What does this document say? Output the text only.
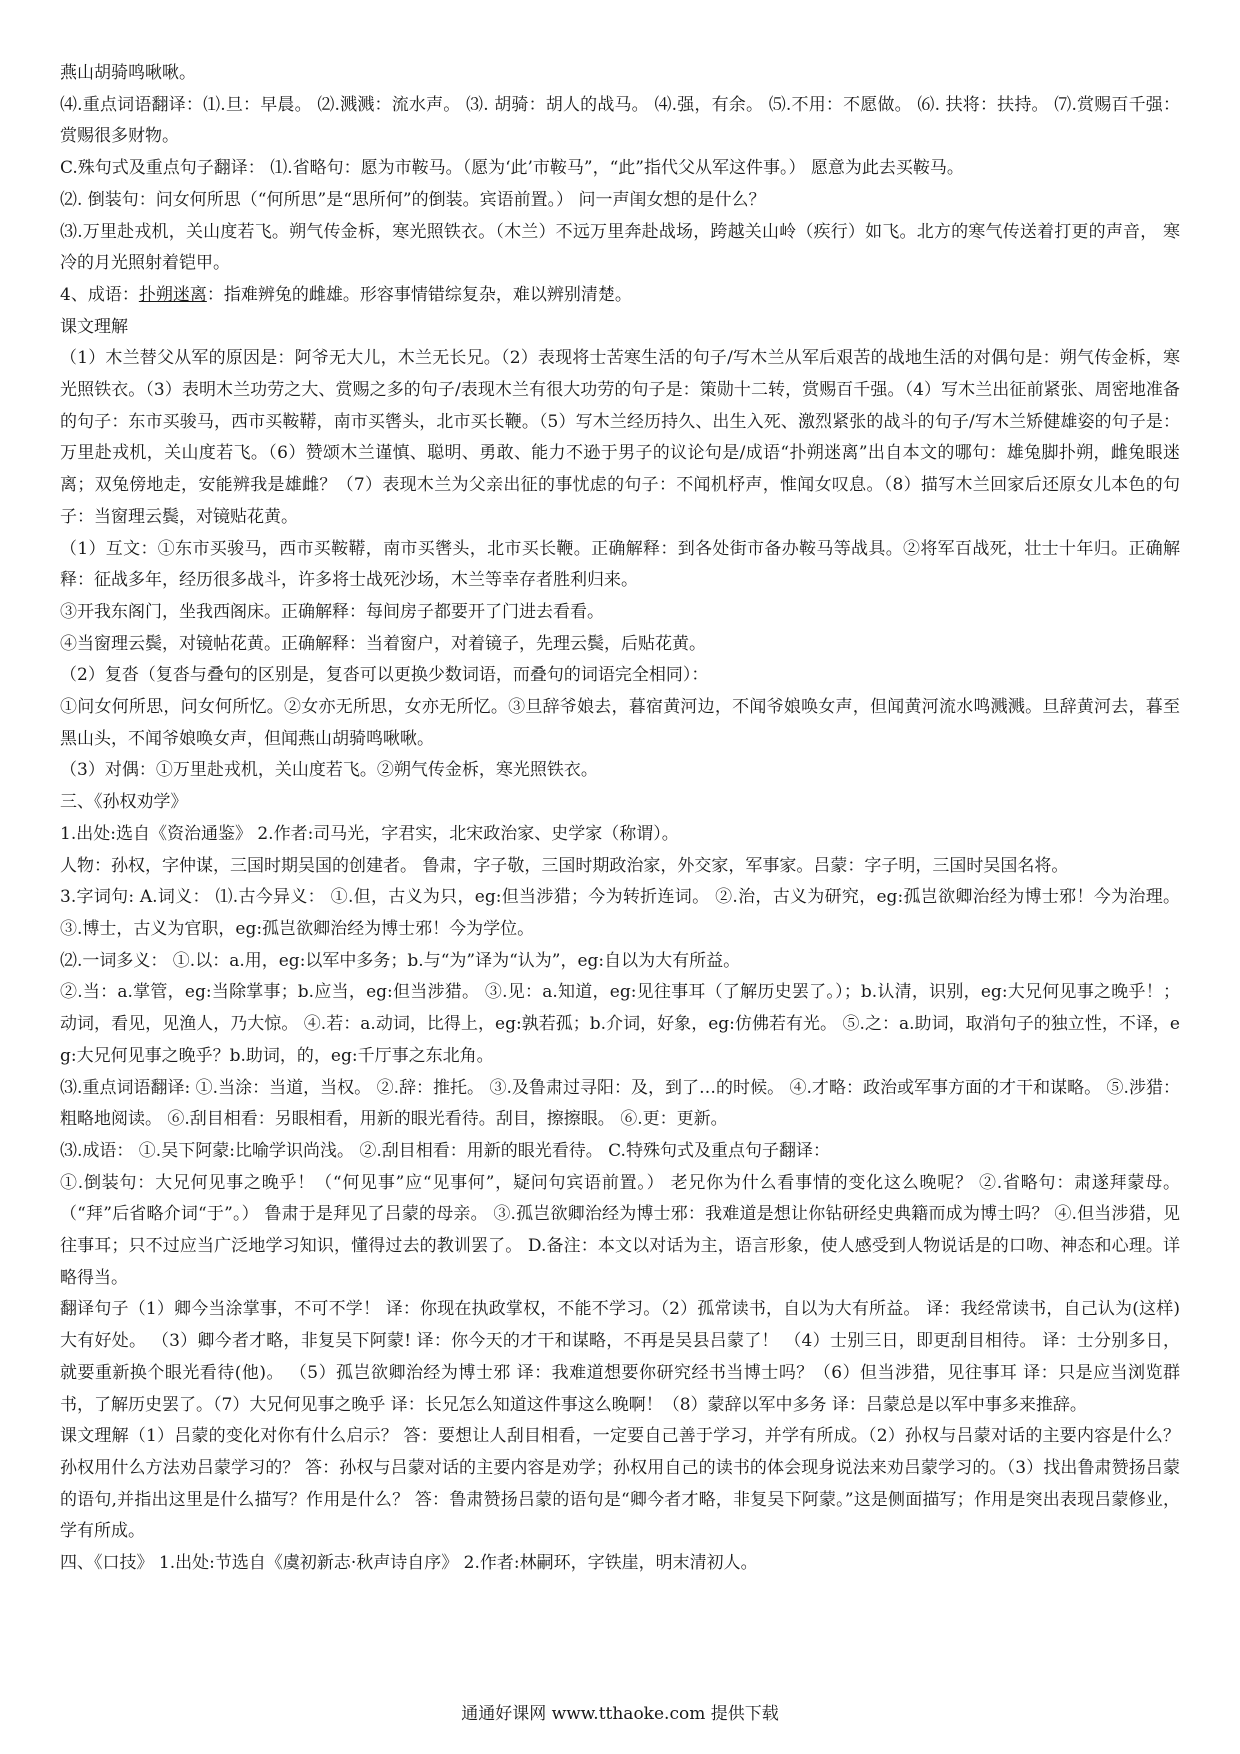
燕山胡骑鸣啾啾。

⑷.重点词语翻译：⑴.旦：早晨。 ⑵.溅溅：流水声。 ⑶. 胡骑：胡人的战马。 ⑷.强，有余。 ⑸.不用：不愿做。 ⑹. 扶将：扶持。 ⑺.赏赐百千强：赏赐很多财物。

C.殊句式及重点句子翻译： ⑴.省略句：愿为市鞍马。（愿为‘此’市鞍马”，“此”指代父从军这件事。） 愿意为此去买鞍马。

⑵. 倒装句：问女何所思（“何所思”是“思所何”的倒装。宾语前置。） 问一声闺女想的是什么？

⑶.万里赴戎机，关山度若飞。朔气传金柝，寒光照铁衣。（木兰）不远万里奔赴战场，跨越关山岭（疾行）如飞。北方的寒气传送着打更的声音， 寒冷的月光照射着铠甲。

4、成语：扑朔迷离：指难辨兔的雌雄。形容事情错综复杂，难以辨别清楚。

课文理解

（1）木兰替父从军的原因是：阿爷无大儿，木兰无长兄。（2）表现将士苦寒生活的句子/写木兰从军后艰苦的战地生活的对偶句是：朔气传金柝，寒光照铁衣。（3）表明木兰功劳之大、赏赐之多的句子/表现木兰有很大功劳的句子是：策勋十二转，赏赐百千强。（4）写木兰出征前紧张、周密地准备的句子：东市买骏马，西市买鞍鞯，南市买辔头，北市买长鞭。（5）写木兰经历持久、出生入死、激烈紧张的战斗的句子/写木兰矫健雄姿的句子是：万里赴戎机，关山度若飞。（6）赞颂木兰谨慎、聪明、勇敢、能力不逊于男子的议论句是/成语“扑朔迷离”出自本文的哪句：雄兔脚扑朔，雌兔眼迷离；双兔傍地走，安能辨我是雄雌？（7）表现木兰为父亲出征的事忧虑的句子：不闻机杼声，惟闻女叹息。（8）描写木兰回家后还原女儿本色的句子：当窗理云鬓，对镜贴花黄。

（1）互文：①东市买骏马，西市买鞍鞯，南市买辔头，北市买长鞭。正确解释：到各处街市备办鞍马等战具。②将军百战死，壮士十年归。正确解释：征战多年，经历很多战斗，许多将士战死沙场，木兰等幸存者胜利归来。

③开我东阁门，坐我西阁床。正确解释：每间房子都要开了门进去看看。

④当窗理云鬓，对镜帖花黄。正确解释：当着窗户，对着镜子，先理云鬓，后贴花黄。

（2）复沓（复沓与叠句的区别是，复沓可以更换少数词语，而叠句的词语完全相同）：

①问女何所思，问女何所忆。②女亦无所思，女亦无所忆。③旦辞爷娘去，暮宿黄河边，不闻爷娘唤女声，但闻黄河流水鸣溅溅。旦辞黄河去，暮至黑山头，不闻爷娘唤女声，但闻燕山胡骑鸣啾啾。

（3）对偶：①万里赴戎机，关山度若飞。②朔气传金柝，寒光照铁衣。

三、《孙权劝学》

1.出处:选自《资治通鉴》 2.作者:司马光，字君实，北宋政治家、史学家（称谓）。

人物：孙权，字仲谋，三国时期吴国的创建者。 鲁肃，字子敬，三国时期政治家，外交家，军事家。吕蒙：字子明，三国时吴国名将。

3.字词句: A.词义： ⑴.古今异义： ①.但，古义为只，eg:但当涉猎；今为转折连词。 ②.治，古义为研究，eg:孤岂欲卿治经为博士邪！今为治理。 ③.博士，古义为官职，eg:孤岂欲卿治经为博士邪！今为学位。

⑵.一词多义： ①.以：a.用，eg:以军中多务；b.与“为”译为“认为”，eg:自以为大有所益。

②.当：a.掌管，eg:当除掌事；b.应当，eg:但当涉猎。 ③.见：a.知道，eg:见往事耳（了解历史罢了。）；b.认清，识别，eg:大兄何见事之晚乎！；动词，看见，见渔人，乃大惊。 ④.若：a.动词，比得上，eg:孰若孤；b.介词，好象，eg:仿佛若有光。 ⑤.之：a.助词，取消句子的独立性，不译，eg:大兄何见事之晚乎？b.助词，的，eg:千厅事之东北角。

⑶.重点词语翻译: ①.当涂：当道，当权。 ②.辞：推托。 ③.及鲁肃过寻阳：及，到了…的时候。 ④.才略：政治或军事方面的才干和谋略。 ⑤.涉猎：粗略地阅读。 ⑥.刮目相看：另眼相看，用新的眼光看待。刮目，擦擦眼。 ⑥.更：更新。

⑶.成语： ①.吴下阿蒙:比喻学识尚浅。 ②.刮目相看：用新的眼光看待。 C.特殊句式及重点句子翻译：

①.倒装句：大兄何见事之晚乎！（“何见事”应“见事何”，疑问句宾语前置。） 老兄你为什么看事情的变化这么晚呢？ ②.省略句：肃遂拜蒙母。（“拜”后省略介词“于”。） 鲁肃于是拜见了吕蒙的母亲。 ③.孤岂欲卿治经为博士邪：我难道是想让你钻研经史典籍而成为博士吗？ ④.但当涉猎，见往事耳；只不过应当广泛地学习知识，懂得过去的教训罢了。 D.备注：本文以对话为主，语言形象，使人感受到人物说话是的口吻、神态和心理。详略得当。

翻译句子（1）卿今当涂掌事，不可不学！ 译：你现在执政掌权，不能不学习。（2）孤常读书，自以为大有所益。 译：我经常读书，自己认为(这样)大有好处。 （3）卿今者才略，非复吴下阿蒙! 译：你今天的才干和谋略，不再是吴县吕蒙了！ （4）士别三日，即更刮目相待。 译：士分别多日，就要重新换个眼光看待(他)。 （5）孤岂欲卿治经为博士邪 译：我难道想要你研究经书当博士吗？（6）但当涉猎，见往事耳 译：只是应当浏览群书，了解历史罢了。（7）大兄何见事之晚乎 译：长兄怎么知道这件事这么晚啊！（8）蒙辞以军中多务 译：吕蒙总是以军中事多来推辞。

课文理解（1）吕蒙的变化对你有什么启示？ 答：要想让人刮目相看，一定要自己善于学习，并学有所成。（2）孙权与吕蒙对话的主要内容是什么？孙权用什么方法劝吕蒙学习的？ 答：孙权与吕蒙对话的主要内容是劝学；孙权用自己的读书的体会现身说法来劝吕蒙学习的。（3）找出鲁肃赞扬吕蒙的语句,并指出这里是什么描写？作用是什么？ 答：鲁肃赞扬吕蒙的语句是“卿今者才略，非复吴下阿蒙。”这是侧面描写；作用是突出表现吕蒙修业，学有所成。

四、《口技》 1.出处:节选自《虞初新志·秋声诗自序》 2.作者:林嗣环，字铁崖，明末清初人。

通通好课网 www.tthaoke.com 提供下载
